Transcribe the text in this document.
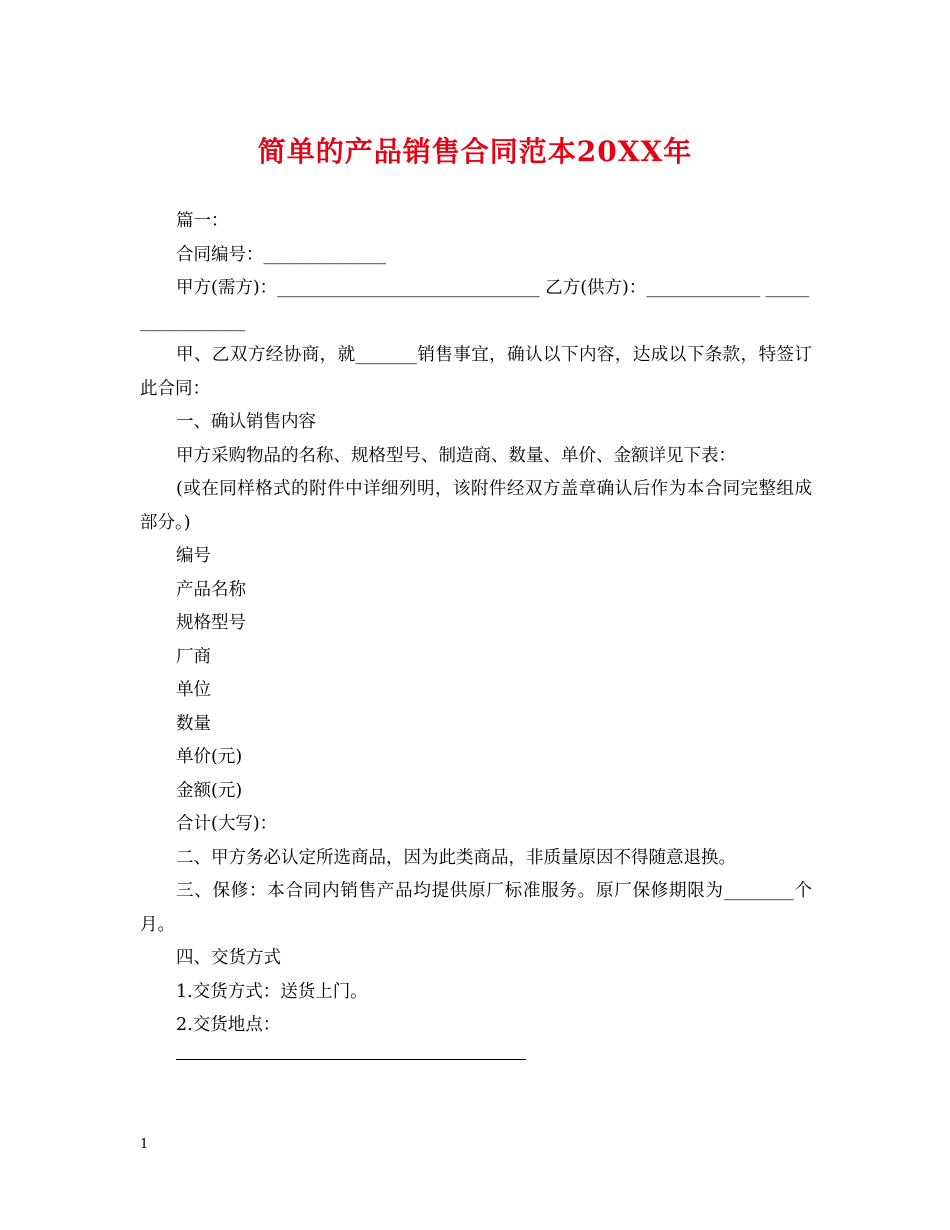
简单的产品销售合同范本20XX年

篇一：

合同编号：______________

甲方(需方)：______________________________ 乙方(供方)：_____________ _________________

甲、乙双方经协商，就_______销售事宜，确认以下内容，达成以下条款，特签订此合同：

一、确认销售内容

甲方采购物品的名称、规格型号、制造商、数量、单价、金额详见下表：

(或在同样格式的附件中详细列明，该附件经双方盖章确认后作为本合同完整组成部分。)

编号

产品名称

规格型号

厂商

单位

数量

单价(元)

金额(元)

合计(大写)：

二、甲方务必认定所选商品，因为此类商品，非质量原因不得随意退换。

三、保修：本合同内销售产品均提供原厂标准服务。原厂保修期限为________个月。

四、交货方式

1.交货方式：送货上门。

2.交货地点：

1
